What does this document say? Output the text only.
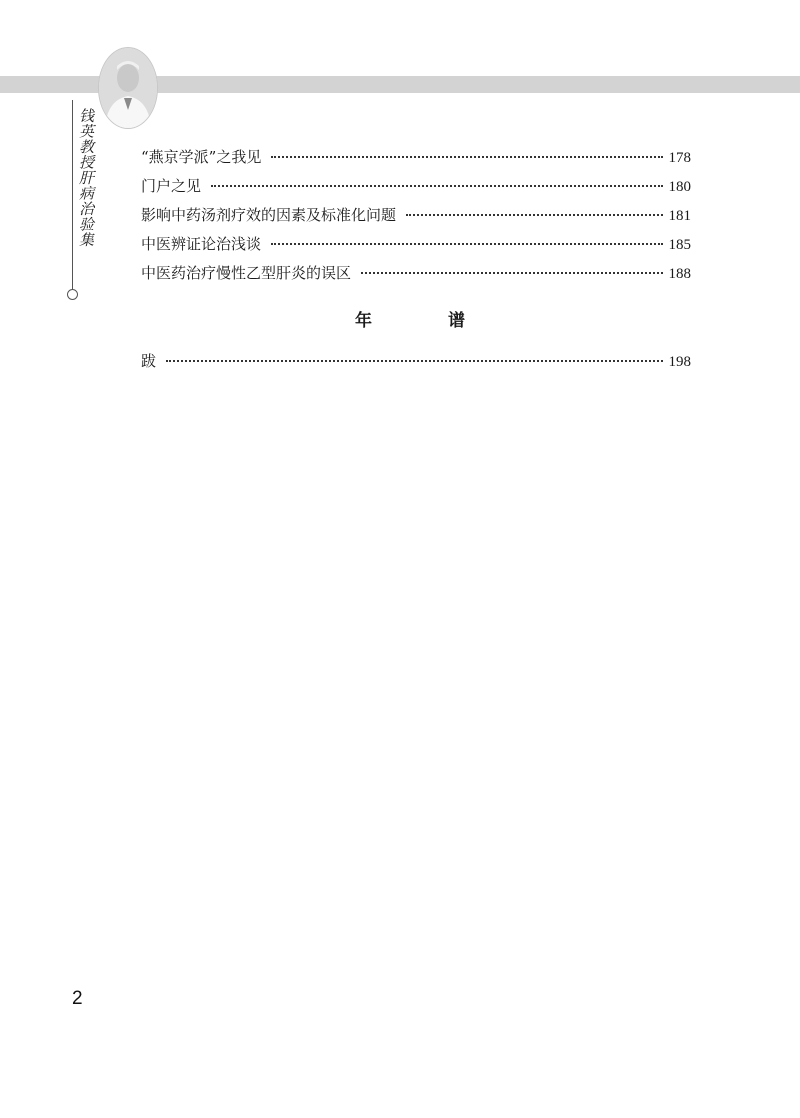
钱英教授肝病治验集	“燕京学派”之我见	178
门户之见	180
影响中药汤剂疗效的因素及标准化问题	181
中医辨证论治浅谈	185
中医药治疗慢性乙型肝炎的误区	188
年	谱
跋	198
2
